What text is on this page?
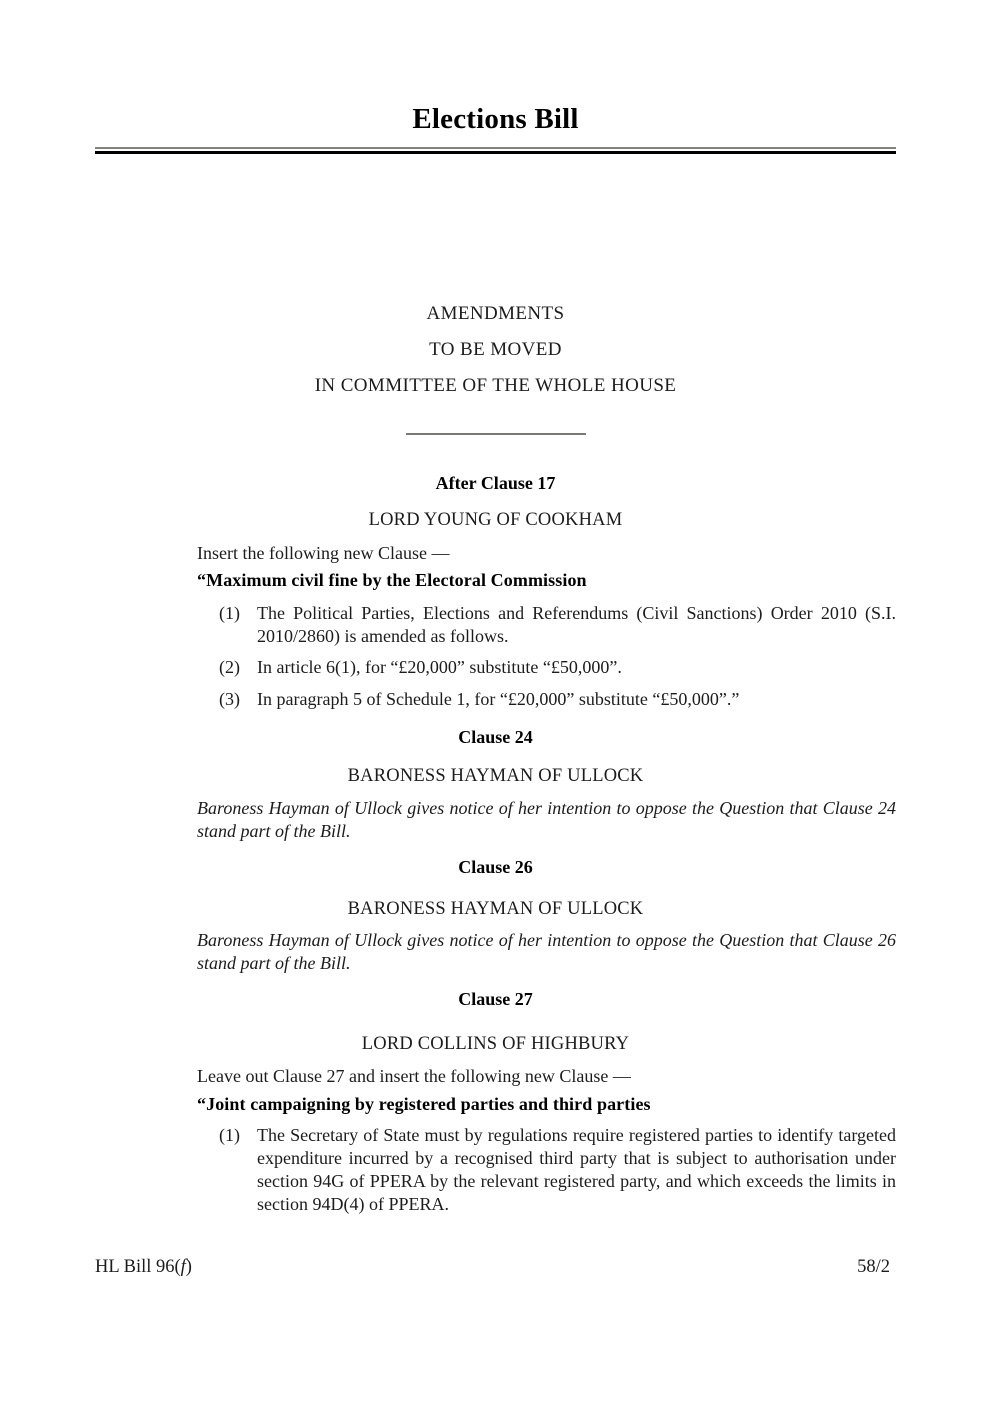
Elections Bill
AMENDMENTS
TO BE MOVED
IN COMMITTEE OF THE WHOLE HOUSE
After Clause 17
LORD YOUNG OF COOKHAM

Insert the following new Clause —

“Maximum civil fine by the Electoral Commission

(1) The Political Parties, Elections and Referendums (Civil Sanctions) Order 2010 (S.I. 2010/2860) is amended as follows.
(2) In article 6(1), for “£20,000” substitute “£50,000”.
(3) In paragraph 5 of Schedule 1, for “£20,000” substitute “£50,000”.”
Clause 24
BARONESS HAYMAN OF ULLOCK

Baroness Hayman of Ullock gives notice of her intention to oppose the Question that Clause 24 stand part of the Bill.

Clause 26
BARONESS HAYMAN OF ULLOCK

Baroness Hayman of Ullock gives notice of her intention to oppose the Question that Clause 26 stand part of the Bill.

Clause 27
LORD COLLINS OF HIGHBURY

Leave out Clause 27 and insert the following new Clause —

“Joint campaigning by registered parties and third parties

(1) The Secretary of State must by regulations require registered parties to identify targeted expenditure incurred by a recognised third party that is subject to authorisation under section 94G of PPERA by the relevant registered party, and which exceeds the limits in section 94D(4) of PPERA.
HL Bill 96(f)	58/2
